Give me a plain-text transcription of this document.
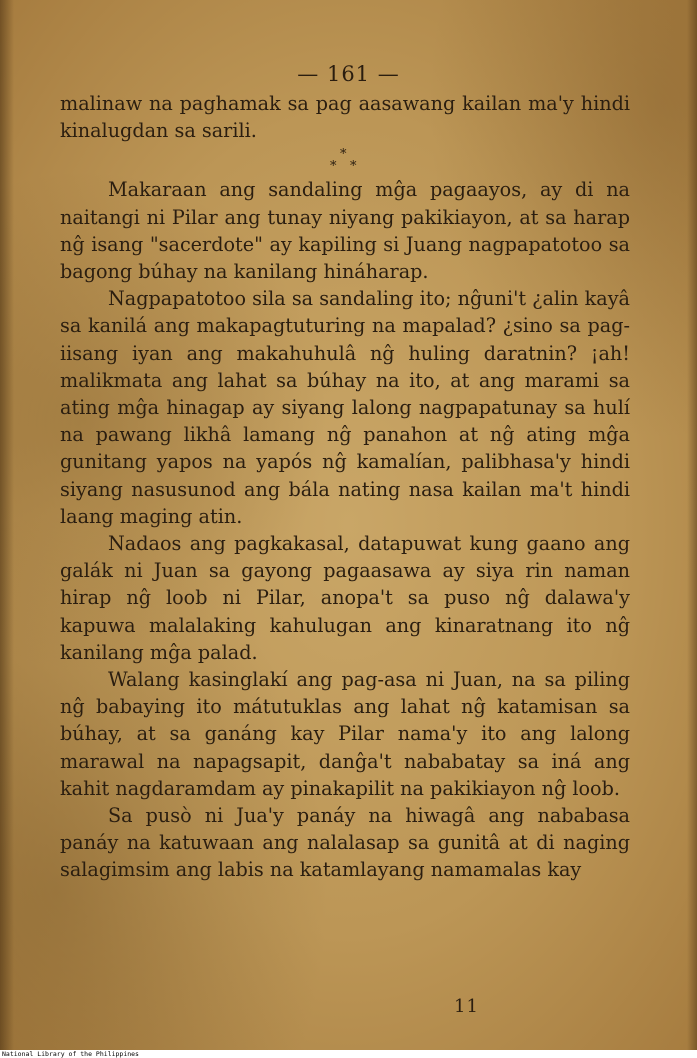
— 161 —

malinaw na paghamak sa pag aasawang kailan ma'y hindi kinalugdan sa sarili.

*
* *

Makaraan ang sandaling mĝa pagaayos, ay di na naitangi ni Pilar ang tunay niyang pakikiayon, at sa harap nĝ isang "sacerdote" ay kapiling si Juang nagpapatotoo sa bagong búhay na kanilang hináharap.

Nagpapatotoo sila sa sandaling ito; nĝuni't ¿alin kayâ sa kanilá ang makapagtuturing na mapalad? ¿sino sa pag-iisang iyan ang makahuhulâ nĝ huling daratnin? ¡ah! malikmata ang lahat sa búhay na ito, at ang marami sa ating mĝa hinagap ay siyang lalong nagpapatunay sa hulí na pawang likhâ lamang nĝ panahon at nĝ ating mĝa gunitang yapos na yapós nĝ kamalían, palibhasa'y hindi siyang nasusunod ang bála nating nasa kailan ma't hindi laang maging atin.

Nadaos ang pagkakasal, datapuwat kung gaano ang galák ni Juan sa gayong pagaasawa ay siya rin naman hirap nĝ loob ni Pilar, anopa't sa puso nĝ dalawa'y kapuwa malalaking kahulugan ang kinaratnang ito nĝ kanilang mĝa palad.

Walang kasinglakí ang pag-asa ni Juan, na sa piling nĝ babaying ito mátutuklas ang lahat nĝ katamisan sa búhay, at sa ganáng kay Pilar nama'y ito ang lalong marawal na napagsapit, danĝa't nababatay sa iná ang kahit nagdaramdam ay pinakapilit na pakikiayon nĝ loob.

Sa pusò ni Jua'y panáy na hiwagâ ang nababasa panáy na katuwaan ang nalalasap sa gunitâ at di naging salagimsim ang labis na katamlayang namamalas kay

11
National Library of the Philippines
